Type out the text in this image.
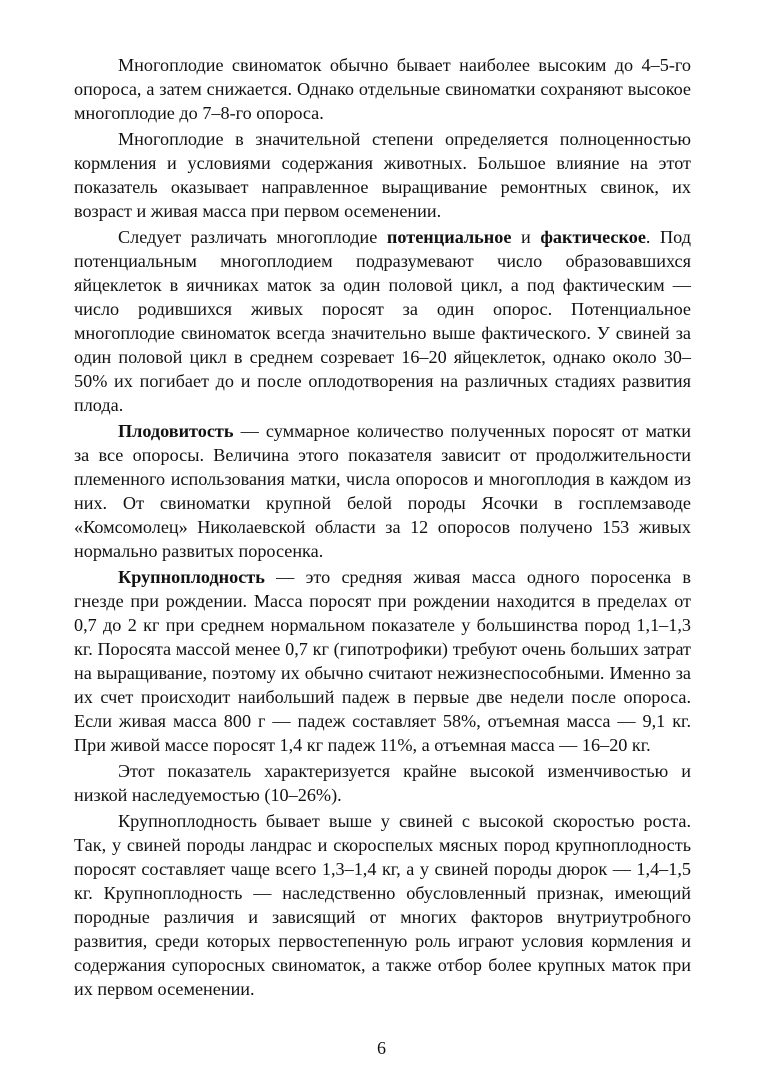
Многоплодие свиноматок обычно бывает наиболее высоким до 4–5-го опороса, а затем снижается. Однако отдельные свиноматки сохраняют высокое многоплодие до 7–8-го опороса.

Многоплодие в значительной степени определяется полноценностью кормления и условиями содержания животных. Большое влияние на этот показатель оказывает направленное выращивание ремонтных свинок, их возраст и живая масса при первом осеменении.

Следует различать многоплодие потенциальное и фактическое. Под потенциальным многоплодием подразумевают число образовавшихся яйцеклеток в яичниках маток за один половой цикл, а под фактическим — число родившихся живых поросят за один опорос. Потенциальное многоплодие свиноматок всегда значительно выше фактического. У свиней за один половой цикл в среднем созревает 16–20 яйцеклеток, однако около 30–50% их погибает до и после оплодотворения на различных стадиях развития плода.

Плодовитость — суммарное количество полученных поросят от матки за все опоросы. Величина этого показателя зависит от продолжительности племенного использования матки, числа опоросов и многоплодия в каждом из них. От свиноматки крупной белой породы Ясочки в госплемзаводе «Комсомолец» Николаевской области за 12 опоросов получено 153 живых нормально развитых поросенка.

Крупноплодность — это средняя живая масса одного поросенка в гнезде при рождении. Масса поросят при рождении находится в пределах от 0,7 до 2 кг при среднем нормальном показателе у большинства пород 1,1–1,3 кг. Поросята массой менее 0,7 кг (гипотрофики) требуют очень больших затрат на выращивание, поэтому их обычно считают нежизнеспособными. Именно за их счет происходит наибольший падеж в первые две недели после опороса. Если живая масса 800 г — падеж составляет 58%, отъемная масса — 9,1 кг. При живой массе поросят 1,4 кг падеж 11%, а отъемная масса — 16–20 кг.

Этот показатель характеризуется крайне высокой изменчивостью и низкой наследуемостью (10–26%).

Крупноплодность бывает выше у свиней с высокой скоростью роста. Так, у свиней породы ландрас и скороспелых мясных пород крупноплодность поросят составляет чаще всего 1,3–1,4 кг, а у свиней породы дюрок — 1,4–1,5 кг. Крупноплодность — наследственно обусловленный признак, имеющий породные различия и зависящий от многих факторов внутриутробного развития, среди которых первостепенную роль играют условия кормления и содержания супоросных свиноматок, а также отбор более крупных маток при их первом осеменении.

6
